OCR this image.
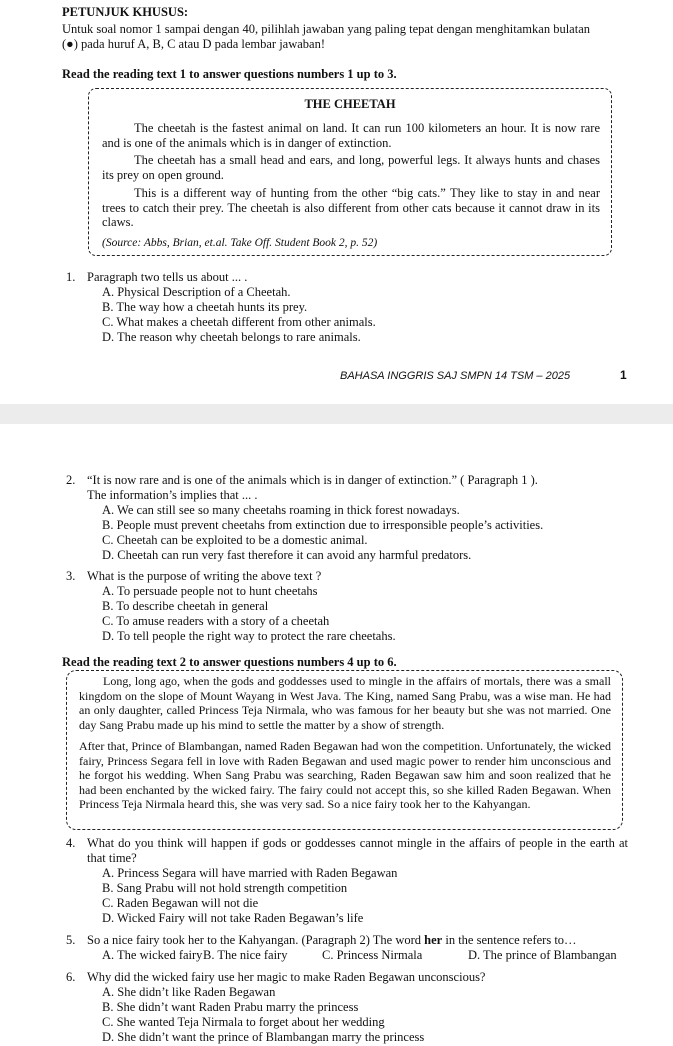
PETUNJUK KHUSUS:
Untuk soal nomor 1 sampai dengan 40, pilihlah jawaban yang paling tepat dengan menghitamkan bulatan
(●) pada huruf A, B, C atau D pada lembar jawaban!
Read the reading text 1 to answer questions numbers 1 up to 3.
THE CHEETAH
The cheetah is the fastest animal on land. It can run 100 kilometers an hour. It is now rare and is one of the animals which is in danger of extinction.
The cheetah has a small head and ears, and long, powerful legs. It always hunts and chases its prey on open ground.
This is a different way of hunting from the other “big cats.” They like to stay in and near trees to catch their prey. The cheetah is also different from other cats because it cannot draw in its claws.
(Source: Abbs, Brian, et.al. Take Off. Student Book 2, p. 52)
1. Paragraph two tells us about ... .
A. Physical Description of a Cheetah.
B. The way how a cheetah hunts its prey.
C. What makes a cheetah different from other animals.
D. The reason why cheetah belongs to rare animals.
BAHASA INGGRIS SAJ SMPN 14 TSM – 2025	1
2. “It is now rare and is one of the animals which is in danger of extinction.” ( Paragraph 1 ).
The information’s implies that ... .
A. We can still see so many cheetahs roaming in thick forest nowadays.
B. People must prevent cheetahs from extinction due to irresponsible people’s activities.
C. Cheetah can be exploited to be a domestic animal.
D. Cheetah can run very fast therefore it can avoid any harmful predators.
3. What is the purpose of writing the above text ?
A. To persuade people not to hunt cheetahs
B. To describe cheetah in general
C. To amuse readers with a story of a cheetah
D. To tell people the right way to protect the rare cheetahs.
Read the reading text 2 to answer questions numbers 4 up to 6.
Long, long ago, when the gods and goddesses used to mingle in the affairs of mortals, there was a small kingdom on the slope of Mount Wayang in West Java. The King, named Sang Prabu, was a wise man. He had an only daughter, called Princess Teja Nirmala, who was famous for her beauty but she was not married. One day Sang Prabu made up his mind to settle the matter by a show of strength.
After that, Prince of Blambangan, named Raden Begawan had won the competition. Unfortunately, the wicked fairy, Princess Segara fell in love with Raden Begawan and used magic power to render him unconscious and he forgot his wedding. When Sang Prabu was searching, Raden Begawan saw him and soon realized that he had been enchanted by the wicked fairy. The fairy could not accept this, so she killed Raden Begawan. When Princess Teja Nirmala heard this, she was very sad. So a nice fairy took her to the Kahyangan.
4. What do you think will happen if gods or goddesses cannot mingle in the affairs of people in the earth at that time?
A. Princess Segara will have married with Raden Begawan
B. Sang Prabu will not hold strength competition
C. Raden Begawan will not die
D. Wicked Fairy will not take Raden Begawan’s life
5. So a nice fairy took her to the Kahyangan. (Paragraph 2) The word her in the sentence refers to…
A. The wicked fairy B. The nice fairy	C. Princess Nirmala	D. The prince of Blambangan
6. Why did the wicked fairy use her magic to make Raden Begawan unconscious?
A. She didn’t like Raden Begawan
B. She didn’t want Raden Prabu marry the princess
C. She wanted Teja Nirmala to forget about her wedding
D. She didn’t want the prince of Blambangan marry the princess
